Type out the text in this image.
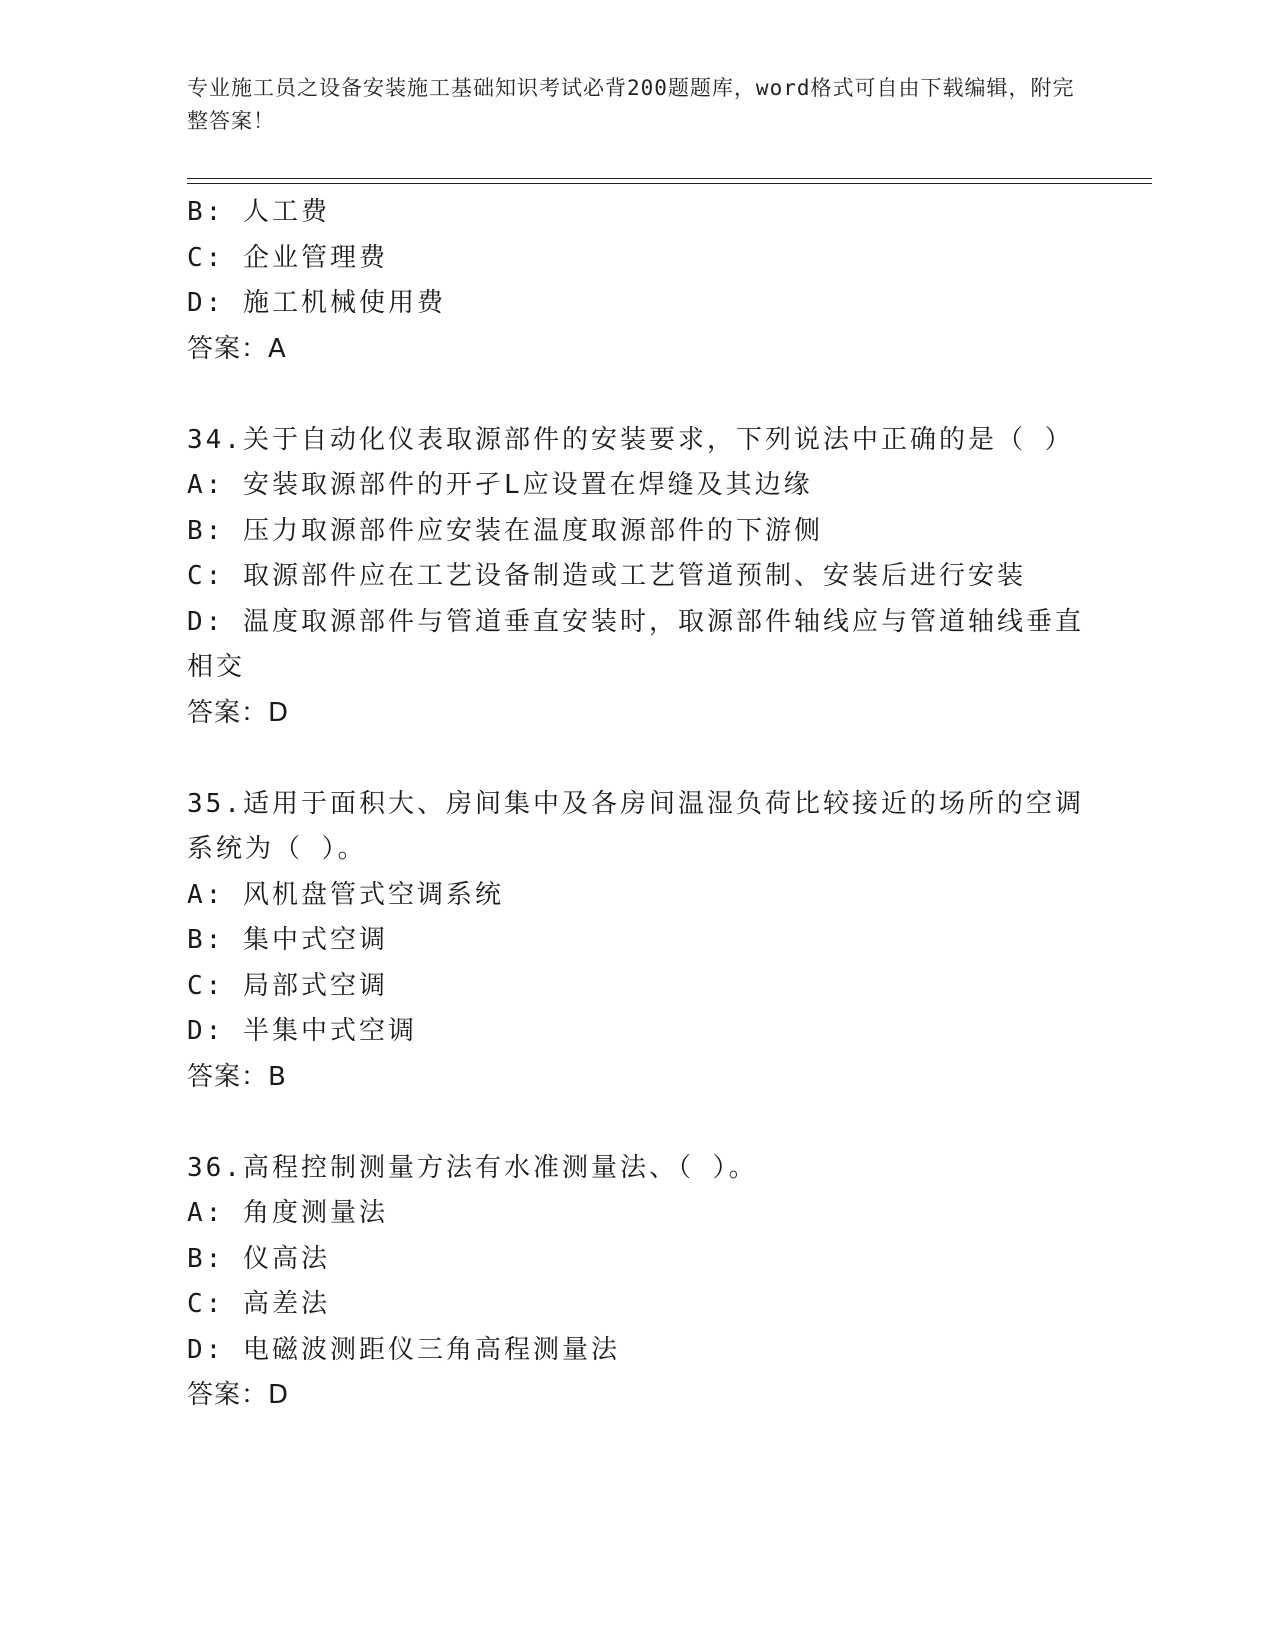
专业施工员之设备安装施工基础知识考试必背200题题库，word格式可自由下载编辑，附完整答案！

B: 人工费

C: 企业管理费

D: 施工机械使用费

答案：A

34.关于自动化仪表取源部件的安装要求，下列说法中正确的是（ ）

A: 安装取源部件的开孑L应设置在焊缝及其边缘

B: 压力取源部件应安装在温度取源部件的下游侧

C: 取源部件应在工艺设备制造或工艺管道预制、安装后进行安装

D: 温度取源部件与管道垂直安装时，取源部件轴线应与管道轴线垂直相交

答案：D

35.适用于面积大、房间集中及各房间温湿负荷比较接近的场所的空调系统为（ ）。

A: 风机盘管式空调系统

B: 集中式空调

C: 局部式空调

D: 半集中式空调

答案：B

36.高程控制测量方法有水准测量法、（ ）。

A: 角度测量法

B: 仪高法

C: 高差法

D: 电磁波测距仪三角高程测量法

答案：D
